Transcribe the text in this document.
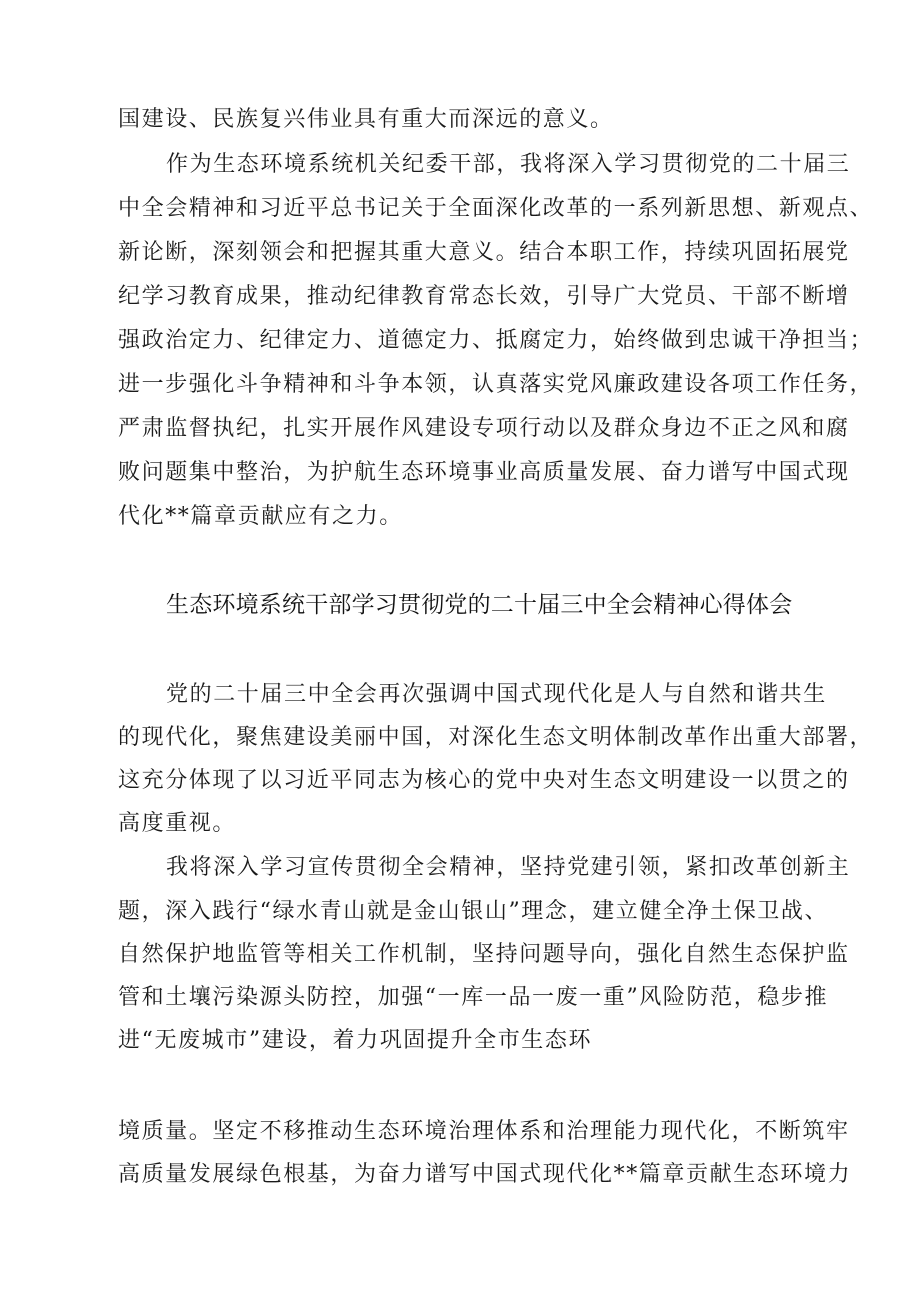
国建设、民族复兴伟业具有重大而深远的意义。
作为生态环境系统机关纪委干部，我将深入学习贯彻党的二十届三
中全会精神和习近平总书记关于全面深化改革的一系列新思想、新观点、
新论断，深刻领会和把握其重大意义。结合本职工作，持续巩固拓展党
纪学习教育成果，推动纪律教育常态长效，引导广大党员、干部不断增
强政治定力、纪律定力、道德定力、抵腐定力，始终做到忠诚干净担当；
进一步强化斗争精神和斗争本领，认真落实党风廉政建设各项工作任务，
严肃监督执纪，扎实开展作风建设专项行动以及群众身边不正之风和腐
败问题集中整治，为护航生态环境事业高质量发展、奋力谱写中国式现
代化**篇章贡献应有之力。
生态环境系统干部学习贯彻党的二十届三中全会精神心得体会
党的二十届三中全会再次强调中国式现代化是人与自然和谐共生
的现代化，聚焦建设美丽中国，对深化生态文明体制改革作出重大部署，
这充分体现了以习近平同志为核心的党中央对生态文明建设一以贯之的
高度重视。
我将深入学习宣传贯彻全会精神，坚持党建引领，紧扣改革创新主
题，深入践行“绿水青山就是金山银山”理念，建立健全净土保卫战、
自然保护地监管等相关工作机制，坚持问题导向，强化自然生态保护监
管和土壤污染源头防控，加强“一库一品一废一重”风险防范，稳步推
进“无废城市”建设，着力巩固提升全市生态环
境质量。坚定不移推动生态环境治理体系和治理能力现代化，不断筑牢
高质量发展绿色根基，为奋力谱写中国式现代化**篇章贡献生态环境力
